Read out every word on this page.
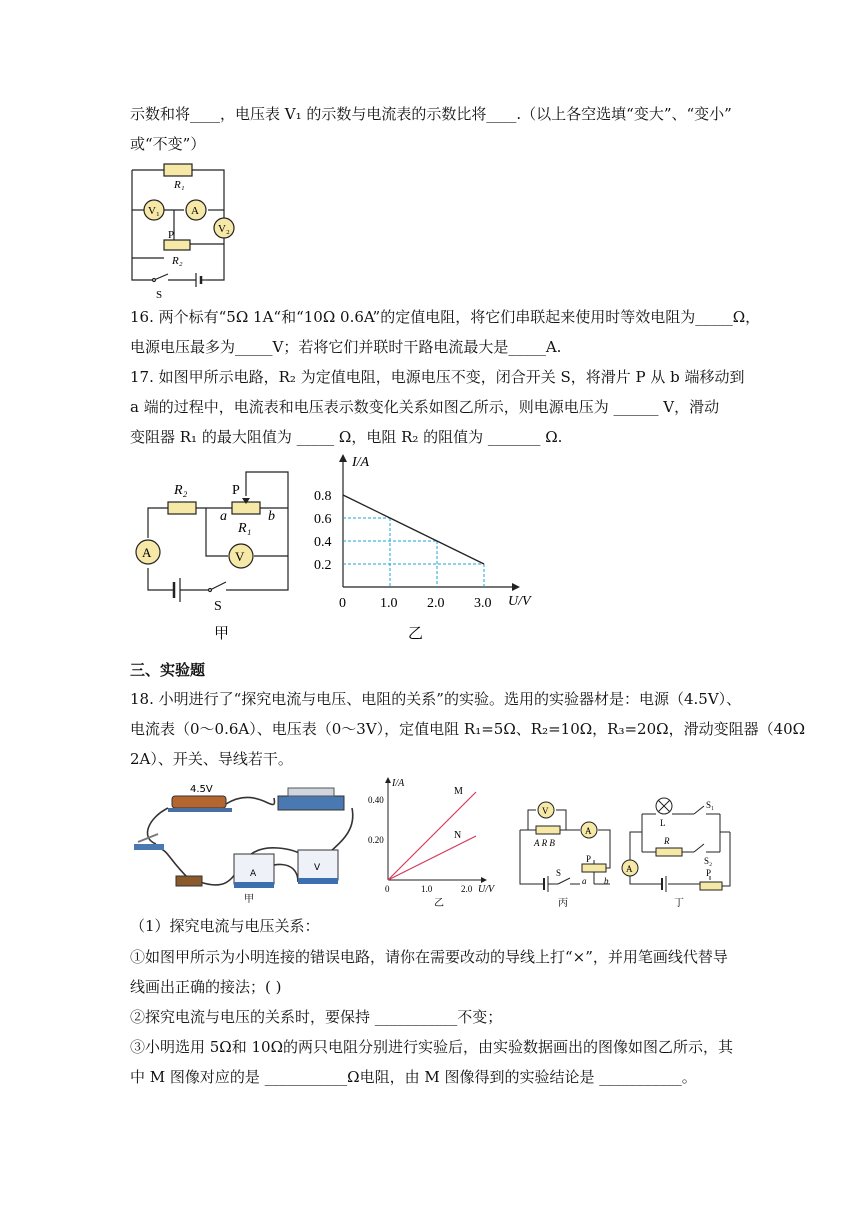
示数和将____，电压表 V₁ 的示数与电流表的示数比将____.（以上各空选填“变大”、“变小”
或“不变”）
R₁
V₁	A
V₂
P
R₂
S
16. 两个标有“5Ω 1A“和“10Ω 0.6A”的定值电阻，将它们串联起来使用时等效电阻为_____Ω，
电源电压最多为_____V；若将它们并联时干路电流最大是_____A.
17. 如图甲所示电路，R₂ 为定值电阻，电源电压不变，闭合开关 S，将滑片 P 从 b 端移动到
a 端的过程中，电流表和电压表示数变化关系如图乙所示，则电源电压为 ______ V，滑动
变阻器 R₁ 的最大阻值为 _____ Ω，电阻 R₂ 的阻值为 _______ Ω.
R₂	P
a
R₁
b
A	V
S
甲
0.2
0.4
0.6
0.8
0 1.0 2.0 3.0
I/A
U/V
乙
三、实验题
18. 小明进行了“探究电流与电压、电阻的关系”的实验。选用的实验器材是：电源（4.5V）、
电流表（0～0.6A）、电压表（0～3V），定值电阻 R₁=5Ω、R₂=10Ω，R₃=20Ω，滑动变阻器（40Ω
2A）、开关、导线若干。
4.5V
A
V
甲
M
N
0.20
0.40
0	1.0	2.0
I/A
U/V
乙
V
A R B
A
S
P
a b
丙
L
S₁
R
S₂
A	P
丁
（1）探究电流与电压关系：
①如图甲所示为小明连接的错误电路，请你在需要改动的导线上打“×”，并用笔画线代替导
线画出正确的接法；( )
②探究电流与电压的关系时，要保持 ___________不变；
③小明选用 5Ω和 10Ω的两只电阻分别进行实验后，由实验数据画出的图像如图乙所示，其
中 M 图像对应的是 ___________Ω电阻，由 M 图像得到的实验结论是 ___________。
